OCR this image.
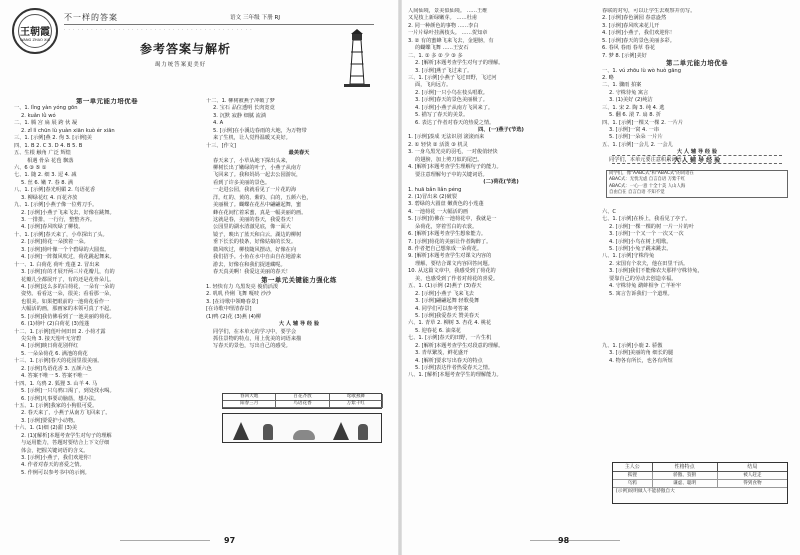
王朝霞
WANG ZHAO XIA
不一样的答案	语文 三年级 下册 RJ
· · · · · · · · · · · · · · · · · · · · · · · · · · · · · · · · · · · · · · · · · ·
参考答案与解析
竭力统答案更美好
第一单元能力培优卷
一、1. lǐng yàn yóng gōn
2. kuǎn lǜ wó
二、1. 腾 宫 扁 展 跨 伙 凝
2. zǐ lì chūn lù yuàn xiān kuò ér xiān
三、1. [示例]燕 2. 佝 3. [示例]美
四、1. B 2. C 3. D 4. B 5. B
五、生根 触角 广泛 辉煌
相遇 骨朵 花苞 飘落
六、6 ③ ⑤ ①
七、1. 随 2. 细 3. 逗 4. 减
5. 丝 6. 嫩 7. 春 8. 满
八、1. [示例]春光明媚 2. 鸟语花香
3. 柳绿花红 4. 百花齐放
九、1. [示例]小燕子像一位剪刀手。
2. [示例]小燕子飞来飞去，好像在跳舞。
3. 一排排，一行行，整整齐齐。
4. [示例]春风吹绿了柳枝。
十、1. [示例]春天来了，小草探出了头。
2. [示例]荷花一朵挨着一朵。
3. [示例]荷叶像一个个碧绿的大圆盘。
4. [示例]一阵微风吹过，荷花跳起舞来。
十一、1. 白荷花 荷叶 莲蓬 2. 冒出来
3. [示例]有的才展开两三片花瓣儿，有的
花瓣儿全都展开了，有的还是花骨朵儿。
4. [示例]这么多的白荷花，一朵有一朵的
姿势。看看这一朵，很美；看看那一朵，
也很美。如果把眼前的一池荷花看作一
大幅活的画，那画家的本领可真了不起。
5. [示例]我仿佛看到了一池美丽的荷花。
6. (1)荷叶 (2)白荷花 (3)莲蓬
十二、1. [示例]莲叶何田田 2. 小荷才露
尖尖角 3. 接天莲叶无穷碧
4. [示例]映日荷花别样红
5. 一朵朵荷花 6. 满池的荷花
十三、1. [示例]春天的花园里很美丽。
2. [示例]鸟语花香 3. 五颜六色
4. 答案不唯一 5. 答案不唯一
十四、1. 乌鸦 2. 狐狸 3. 山羊 4. 马
5. [示例]一只乌鸦口渴了，到处找水喝。
6. [示例]凡事要动脑筋，想办法。
十五、1. [示例]我家的小狗很可爱。
2. 春天来了，小燕子从南方飞回来了。
3. [示例]要爱护小动物。
十六、1. (1)细 (2)甜 (3)美
2. (1)[解析]本题考查学生对句子的理解
与运用能力，答题时要结合上下文仔细
体会，把握关键词语的含义。
3. [示例]小燕子，我们欢迎你！
4. 作者对春天的喜爱之情。
5. 作例可以参考书中的示例。
十二、1. 柳树被燕子冲破了梦
2. 宝石 品位透明 长肉宽竟
3. 沉默 寂静 细腻 流淌
4. A
5. [示例]在小溪边春雨的大地，为万物带
来了生机，让人觉得温暖又美好。
十三、[作文]
最美春天
春天来了，小草从地下探出头来，
柳树长出了嫩绿的叶子，小燕子从南方
飞回来了。我和妈妈一起去公园游玩，
看到了许多美丽的景色。
一走进公园，我就看见了一片花的海
洋。红的、黄的、紫的、白的，五颜六色，
美丽极了。蝴蝶在花丛中翩翩起舞，蜜
蜂在花间忙着采蜜，真是一幅美丽的画。
这就是春，美丽的春天，我爱春天！
公园里的湖水清澈见底，像一面大
镜子，映出了蓝天和白云。湖边的柳树
垂下长长的枝条，好像姑娘的长发。
微风吹过，柳枝随风摆动，好像在向
我们招手。小鱼在水中自由自在地游来
游去，好像在和我们捉迷藏呢。
春天真美啊！我爱这美丽的春天！
第一单元关键能力强化练
1. 轻快有力 乌黑发亮 俊俏活泼
2. 叽叽 伶俐 飞舞 嘎吱 沙沙
3. [在诗歌中领略春景]
[在诗歌中理清春景]
(1)鸭 (2)花 (3)燕 (4)柳
大 人 辅 导 经 验
同学们，在本单元的学习中，要学会
抓住景物的特点，用上优美的词语来描
写春天的景色，写出自己的感受。
春回大地	百花齐放	莺歌燕舞
阳春三月	鸟语花香	万紫千红
97
人间仙境，景美似仙境。 ……王维
又见枝上新绿嫩芽。 ……杜甫
2. 同一种颜色的事物 ……李白
一片片绿叶挂满枝头。 ……贺知章
3. ② 有的蜜蜂飞来飞去，金翅膀，有
的蝴蝶飞舞 ……王安石
二、1. ① 多 ② 少 ③ 多
2. [解析]本题考查学生对句子的理解。
3. [示例]燕子飞过来了。
三、1. [示例]小燕子飞过田野，飞过河
面，飞向远方。
2. [示例]一只小鸟在枝头唱歌。
3. [示例]春天的景色美丽极了。
4. [示例]小燕子从南方飞回来了。
5. 描写了春天的美景。
6. 表达了作者对春天的热爱之情。
四、(一)燕子(节选)
1. [示例]凑成 无法识别 滚滚而来
2. ① 轻快 ② 活泼 ③ 机灵
3. 一身乌黑光亮的羽毛，一对俊俏轻快
的翅膀，加上剪刀似的尾巴。
4. [解析]本题考查学生理解句子的能力。
要注意理解句子中的关键词语。
(二)荷花(节选)
1. huā bǎn liǎn péng
2. (1)冒出来 (2)破裂
3. 碧绿的大圆盘 嫩黄色的小莲蓬
4. 一池荷花 一大幅活的画
5. [示例]仿佛在一池荷花中，我就是一
朵荷花，穿着雪白的衣裳。
6. [解析]本题考查学生想象能力。
7. [示例]荷花的美丽让作者陶醉了。
8. 作者把自己想象成一朵荷花。
9. [解析]本题考查学生对课文内容的
理解，要结合课文内容回答问题。
10. 从这篇文章中，我感受到了荷花的
美，也感受到了作者对荷花的喜爱。
五、1. (1)示例 (2)燕子 (3)春天
2. [示例]小燕子 飞来飞去
3. [示例]翩翩起舞 轻歌曼舞
4. 同学们可以参考答案
5. [示例]我爱春天 赞美春天
六、1. 青草 2. 柳树 3. 杏花 4. 桃花
5. 迎春花 6. 油菜花
七、1. [示例]春天的田野，一片生机
2. [解析]本题考查学生对段意的理解。
3. 青草繁茂，鲜花盛开
4. [解析]要求写出春天的特点
5. [示例]表达作者热爱春天之情。
八、1. [解析]本题考查学生的理解能力。
春联的对句，可以让学生去观察并仿写。
2. [示例]春色满园 春意盎然
3. [示例]春风吹来花儿开
4. [示例]小燕子，我们欢迎你！
5. [示例]春天的景色美丽多彩。
6. 春风 春雨 春草 春花
7. 梦 8. [示例]美好
第二单元能力培优卷
一、1. vú zhōu lù wò huò gāng
2. 略
二、1. 骤雨 拍案
2. 守株待兔 寓言
3. (1)美好 (2)纯洁
三、1. 宋 2. 陶 3. 纯 4. 逃
5. 翻 6. 滚 7. 扇 8. 折
四、1. [示例]一棵又一棵 2. 一片片
3. [示例]一窝 4. 一串
5. [示例]一朵朵 一片片
五、1. [示例]一会儿 2. 一会儿
大 人 辅 导 经 验
同学们，本单元要注意积累词语。
六、C
七、1. [示例]在桥上，我看见了亭子。
2. [示例]一棵一棵的树 一片一片的叶
3. [示例]一个又一个 一次又一次
4. [示例]小鸟在树上唱歌。
5. [示例]小兔子跳来跳去。
八、1. [示例]守株待兔
2. 宋国有个农夫，他在田里干活。
3. [示例]我们不能像农夫那样守株待兔，
要靠自己的劳动去创造幸福。
4. 守株待兔 鹬蚌相争 亡羊补牢
5. 寓言告诉我们一个道理。
九、1. [示例]小鹿 2. 骄傲
3. [示例]美丽的角 细长的腿
4. 物各有所长，也各有所短
大 人 辅 导 经 验
同学们，像"AABC式"和"ABAC式"的词语在
ABAC式：无忧无虑 自言自语 万紫千红
ABAC式：一心一意 十全十美 人山人海
自由自在 自言自语 不知不觉
主人公	性格特点	结局
狐狸	骄傲、狡猾	被人赶走
乌鸦	谦虚、聪明	得到食物
[示例]说明做人不能骄傲自大
98
